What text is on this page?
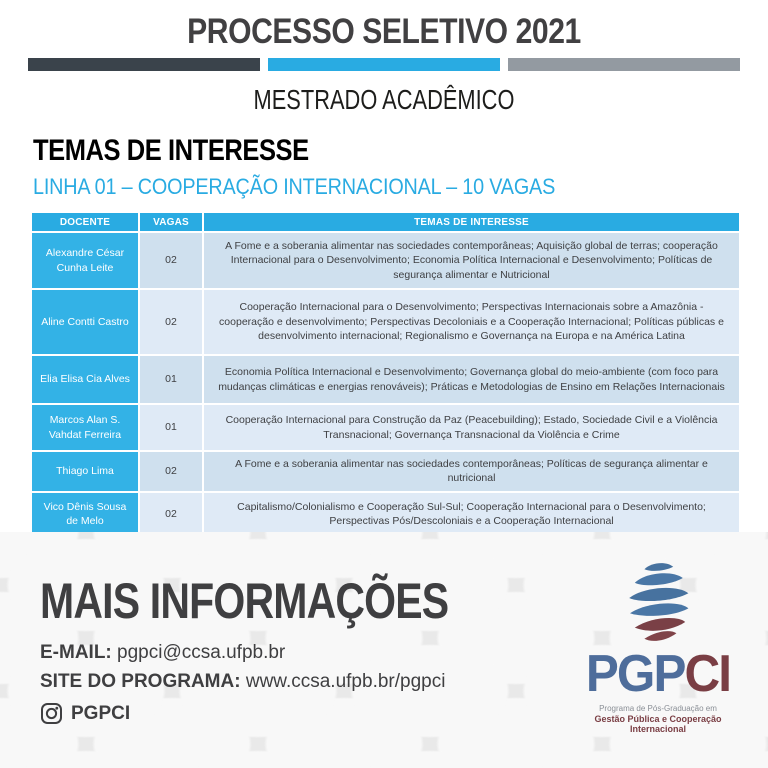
PROCESSO SELETIVO 2021
MESTRADO ACADÊMICO
TEMAS DE INTERESSE
LINHA 01 – COOPERAÇÃO INTERNACIONAL – 10 VAGAS
DOCENTE	VAGAS	TEMAS DE INTERESSE
Alexandre César Cunha Leite	02	A Fome e a soberania alimentar nas sociedades contemporâneas; Aquisição global de terras; cooperação Internacional para o Desenvolvimento; Economia Política Internacional e Desenvolvimento; Políticas de segurança alimentar e Nutricional
Aline Contti Castro	02	Cooperação Internacional para o Desenvolvimento; Perspectivas Internacionais sobre a Amazônia - cooperação e desenvolvimento; Perspectivas Decoloniais e a Cooperação Internacional; Políticas públicas e desenvolvimento internacional; Regionalismo e Governança na Europa e na América Latina
Elia Elisa Cia Alves	01	Economia Política Internacional e Desenvolvimento; Governança global do meio-ambiente (com foco para mudanças climáticas e energias renováveis); Práticas e Metodologias de Ensino em Relações Internacionais
Marcos Alan S. Vahdat Ferreira	01	Cooperação Internacional para Construção da Paz (Peacebuilding); Estado, Sociedade Civil e a Violência Transnacional; Governança Transnacional da Violência e Crime
Thiago Lima	02	A Fome e a soberania alimentar nas sociedades contemporâneas; Políticas de segurança alimentar e nutricional
Vico Dênis Sousa de Melo	02	Capitalismo/Colonialismo e Cooperação Sul-Sul; Cooperação Internacional para o Desenvolvimento; Perspectivas Pós/Descoloniais e a Cooperação Internacional
MAIS INFORMAÇÕES
E-MAIL: pgpci@ccsa.ufpb.br
SITE DO PROGRAMA: www.ccsa.ufpb.br/pgpci
PGPCI
PGPCI
Programa de Pós-Graduação em
Gestão Pública e Cooperação Internacional
